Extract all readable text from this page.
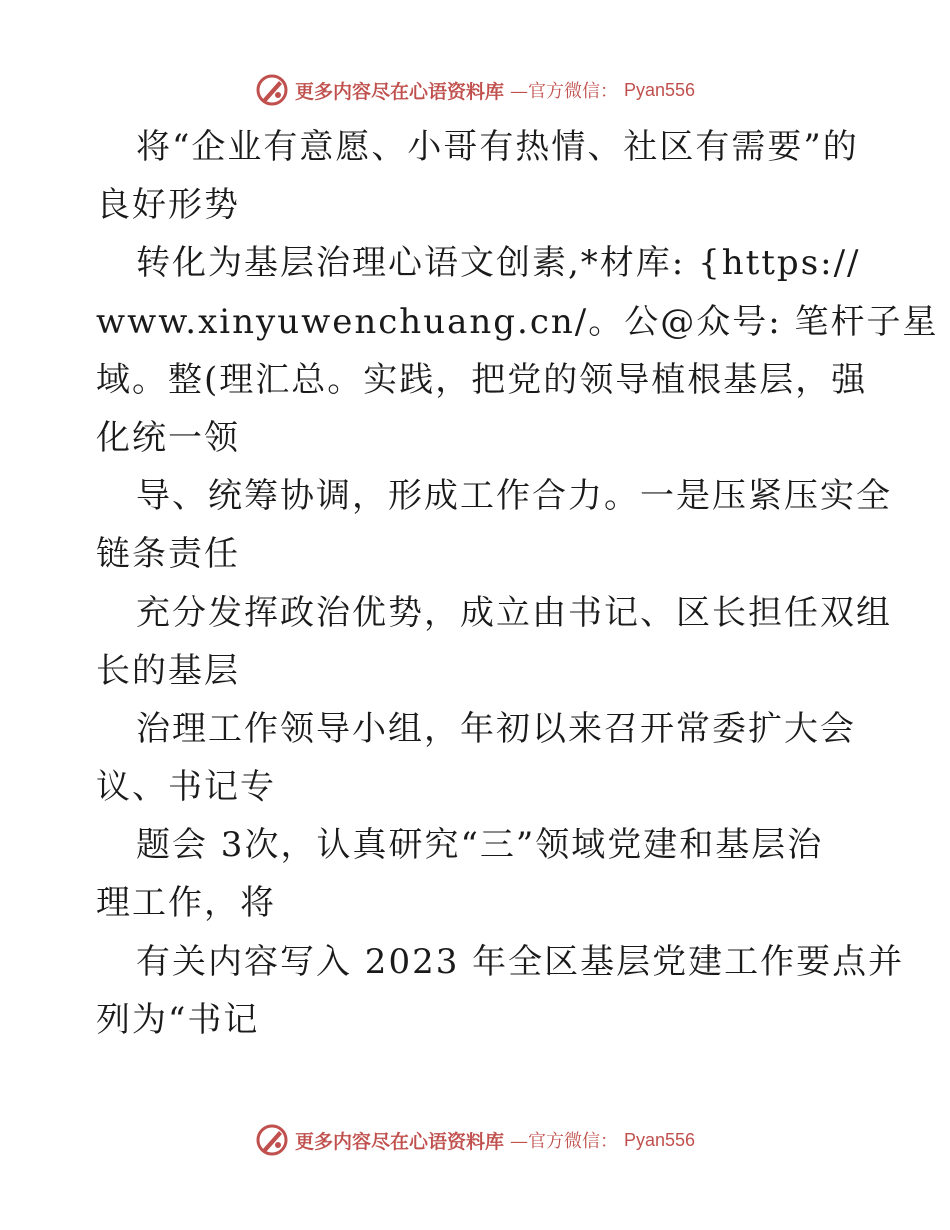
更多内容尽在心语资料库 —官方微信： Pyan556
将“企业有意愿、小哥有热情、社区有需要”的
良好形势
转化为基层治理心语文创素,*材库: {https://
www.xinyuwenchuang.cn/。公@众号: 笔杆子星
域。整(理汇总。实践，把党的领导植根基层，强
化统一领
导、统筹协调，形成工作合力。一是压紧压实全
链条责任
充分发挥政治优势，成立由书记、区长担任双组
长的基层
治理工作领导小组，年初以来召开常委扩大会
议、书记专
题会 3次，认真研究“三”领域党建和基层治
理工作，将
有关内容写入 2023 年全区基层党建工作要点并
列为“书记
更多内容尽在心语资料库 —官方微信： Pyan556
